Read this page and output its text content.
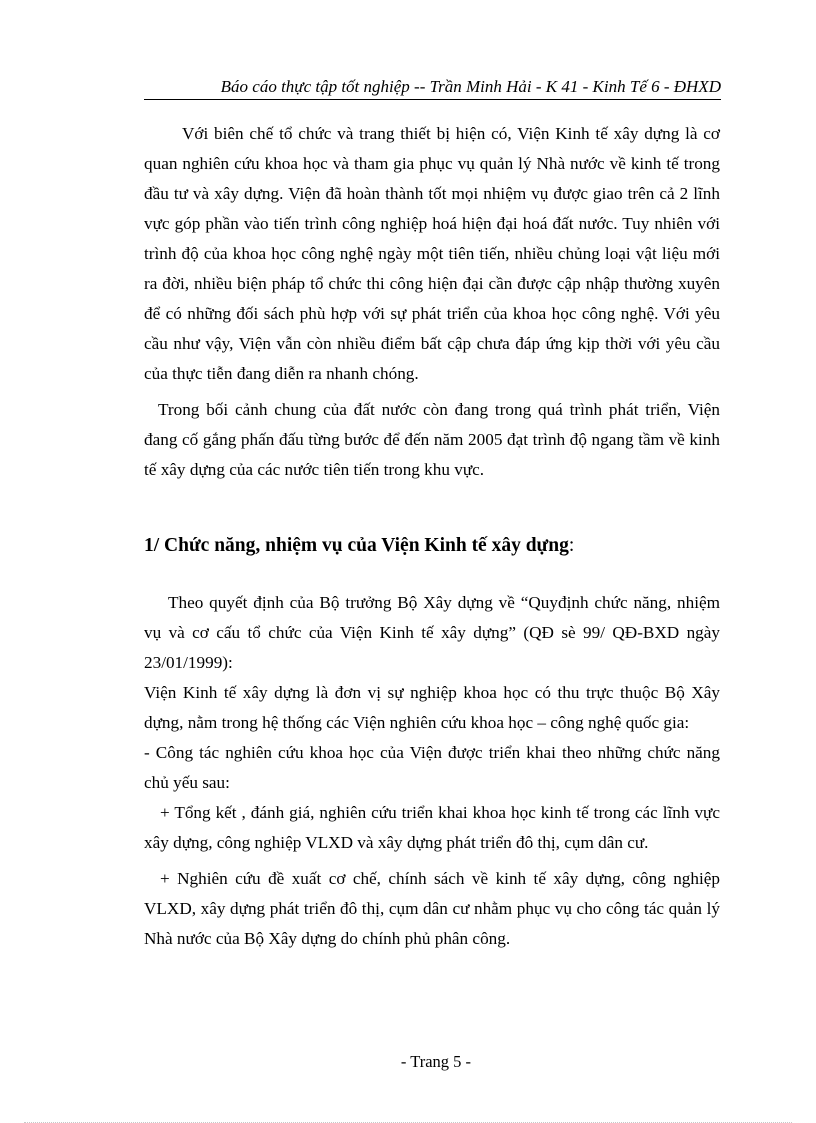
Báo cáo thực tập tốt nghiệp -- Trần Minh Hải - K 41 - Kinh Tế 6 - ĐHXD

Với biên chế tổ chức và trang thiết bị hiện có, Viện Kinh tế xây dựng là cơ quan nghiên cứu khoa học và tham gia phục vụ quản lý Nhà nước về kinh tế trong đầu tư và xây dựng. Viện đã hoàn thành tốt mọi nhiệm vụ được giao trên cả 2 lĩnh vực góp phần vào tiến trình công nghiệp hoá hiện đại hoá đất nước. Tuy nhiên với trình độ của khoa học công nghệ ngày một tiên tiến, nhiều chủng loại vật liệu mới ra đời, nhiều biện pháp tổ chức thi công hiện đại cần được cập nhập thường xuyên để có những đối sách phù hợp với sự phát triển của khoa học công nghệ. Với yêu cầu như vậy, Viện vẫn còn nhiều điểm bất cập chưa đáp ứng kịp thời với yêu cầu của thực tiễn đang diễn ra nhanh chóng.

Trong bối cảnh chung của đất nước còn đang trong quá trình phát triển, Viện đang cố gắng phấn đấu từng bước để đến năm 2005 đạt trình độ ngang tầm về kinh tế xây dựng của các nước tiên tiến trong khu vực.

1/ Chức năng, nhiệm vụ của Viện Kinh tế xây dựng:

Theo quyết định của Bộ trưởng Bộ Xây dựng về “Quyđịnh chức năng, nhiệm vụ và cơ cấu tổ chức của Viện Kinh tế xây dựng” (QĐ sè 99/ QĐ-BXD ngày 23/01/1999):

Viện Kinh tế xây dựng là đơn vị sự nghiệp khoa học có thu trực thuộc Bộ Xây dựng, nằm trong hệ thống các Viện nghiên cứu khoa học – công nghệ quốc gia:

- Công tác nghiên cứu khoa học của Viện được triển khai theo những chức năng chủ yếu sau:

+ Tổng kết , đánh giá, nghiên cứu triển khai khoa học kinh tế trong các lĩnh vực xây dựng, công nghiệp VLXD và xây dựng phát triển đô thị, cụm dân cư.

+ Nghiên cứu đề xuất cơ chế, chính sách về kinh tế xây dựng, công nghiệp VLXD, xây dựng phát triển đô thị, cụm dân cư nhằm phục vụ cho công tác quản lý Nhà nước của Bộ Xây dựng do chính phủ phân công.

- Trang 5 -
